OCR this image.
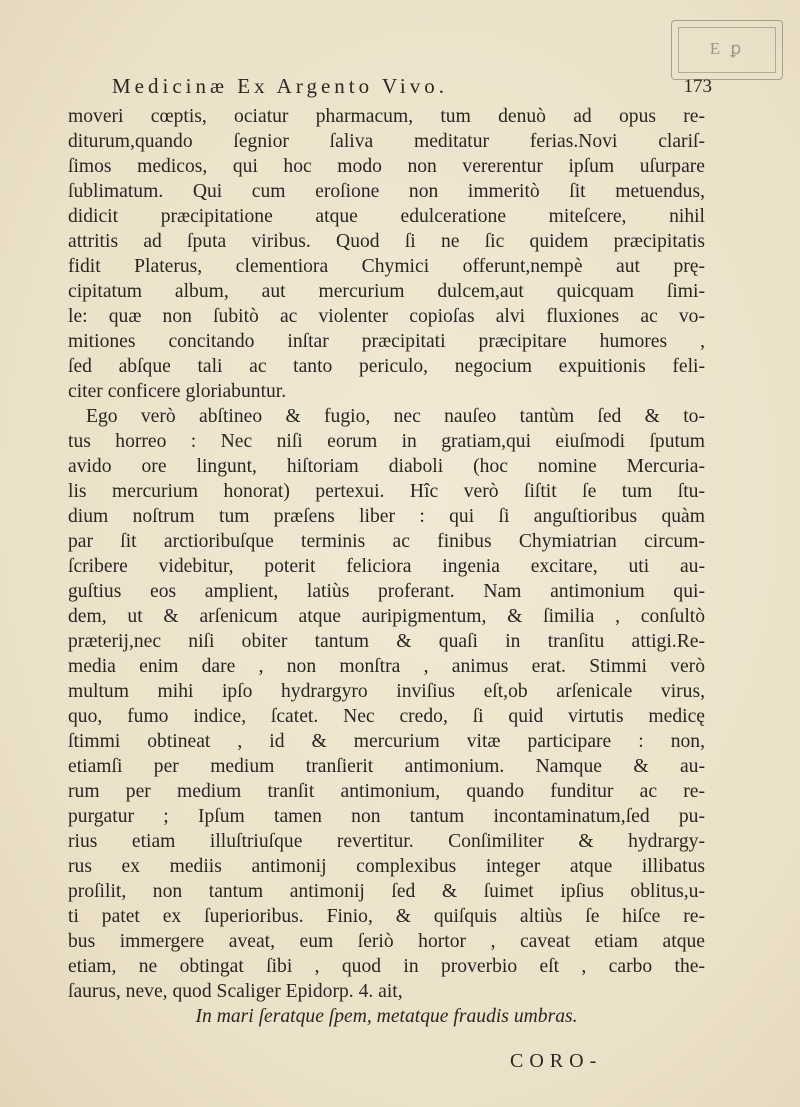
E ꝑ
Medicinæ Ex Argento Vivo.	173
moveri cœptis, ociatur pharmacum, tum denuò ad opus re-
diturum,quando ſegnior ſaliva meditatur ferias.Novi clariſ-
ſimos medicos, qui hoc modo non vererentur ipſum uſurpare
ſublimatum. Qui cum eroſione non immeritò ſit metuendus,
didicit præcipitatione atque edulceratione miteſcere, nihil
attritis ad ſputa viribus. Quod ſi ne ſic quidem præcipitatis
fidit Platerus, clementiora Chymici offerunt,nempè aut prę-
cipitatum album, aut mercurium dulcem,aut quicquam ſimi-
le: quæ non ſubitò ac violenter copioſas alvi fluxiones ac vo-
mitiones concitando inſtar præcipitati præcipitare humores ,
ſed abſque tali ac tanto periculo, negocium expuitionis feli-
citer conficere gloriabuntur.
Ego verò abſtineo & fugio, nec nauſeo tantùm ſed & to-
tus horreo : Nec niſi eorum in gratiam,qui eiuſmodi ſputum
avido ore lingunt, hiſtoriam diaboli (hoc nomine Mercuria-
lis mercurium honorat) pertexui. Hîc verò ſiſtit ſe tum ſtu-
dium noſtrum tum præſens liber : qui ſi anguſtioribus quàm
par ſit arctioribuſque terminis ac finibus Chymiatrian circum-
ſcribere videbitur, poterit feliciora ingenia excitare, uti au-
guſtius eos amplient, latiùs proferant. Nam antimonium qui-
dem, ut & arſenicum atque auripigmentum, & ſimilia , conſultò
præterij,nec niſi obiter tantum & quaſi in tranſitu attigi.Re-
media enim dare , non monſtra , animus erat. Stimmi verò
multum mihi ipſo hydrargyro inviſius eſt,ob arſenicale virus,
quo, fumo indice, ſcatet. Nec credo, ſi quid virtutis medicę
ſtimmi obtineat , id & mercurium vitæ participare : non,
etiamſi per medium tranſierit antimonium. Namque & au-
rum per medium tranſit antimonium, quando funditur ac re-
purgatur ; Ipſum tamen non tantum incontaminatum,ſed pu-
rius etiam illuſtriuſque revertitur. Conſimiliter & hydrargy-
rus ex mediis antimonij complexibus integer atque illibatus
proſilit, non tantum antimonij ſed & ſuimet ipſius oblitus,u-
ti patet ex ſuperioribus. Finio, & quiſquis altiùs ſe hiſce re-
bus immergere aveat, eum ſeriò hortor , caveat etiam atque
etiam, ne obtingat ſibi , quod in proverbio eſt , carbo the-
ſaurus, neve, quod Scaliger Epidorp. 4. ait,
In mari ſeratque ſpem, metatque fraudis umbras.
CORO-
